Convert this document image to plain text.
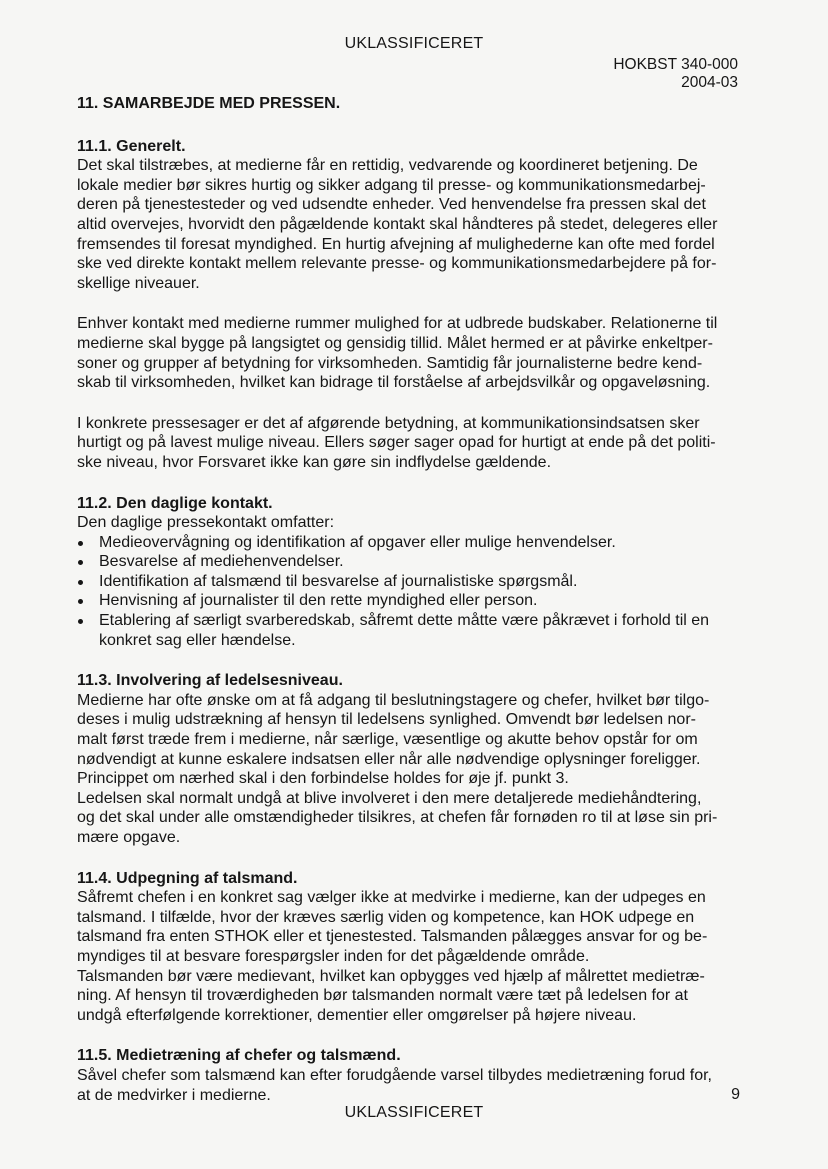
UKLASSIFICERET
HOKBST 340-000
2004-03
11. SAMARBEJDE MED PRESSEN.
11.1. Generelt.

Det skal tilstræbes, at medierne får en rettidig, vedvarende og koordineret betjening. De
lokale medier bør sikres hurtig og sikker adgang til presse- og kommunikationsmedarbej-
deren på tjenestesteder og ved udsendte enheder. Ved henvendelse fra pressen skal det
altid overvejes, hvorvidt den pågældende kontakt skal håndteres på stedet, delegeres eller
fremsendes til foresat myndighed. En hurtig afvejning af mulighederne kan ofte med fordel
ske ved direkte kontakt mellem relevante presse- og kommunikationsmedarbejdere på for-
skellige niveauer.

Enhver kontakt med medierne rummer mulighed for at udbrede budskaber. Relationerne til
medierne skal bygge på langsigtet og gensidig tillid. Målet hermed er at påvirke enkeltper-
soner og grupper af betydning for virksomheden. Samtidig får journalisterne bedre kend-
skab til virksomheden, hvilket kan bidrage til forståelse af arbejdsvilkår og opgaveløsning.

I konkrete pressesager er det af afgørende betydning, at kommunikationsindsatsen sker
hurtigt og på lavest mulige niveau. Ellers søger sager opad for hurtigt at ende på det politi-
ske niveau, hvor Forsvaret ikke kan gøre sin indflydelse gældende.

11.2. Den daglige kontakt.

Den daglige pressekontakt omfatter:

Medieovervågning og identifikation af opgaver eller mulige henvendelser.
Besvarelse af mediehenvendelser.
Identifikation af talsmænd til besvarelse af journalistiske spørgsmål.
Henvisning af journalister til den rette myndighed eller person.
Etablering af særligt svarberedskab, såfremt dette måtte være påkrævet i forhold til en
konkret sag eller hændelse.
11.3. Involvering af ledelsesniveau.

Medierne har ofte ønske om at få adgang til beslutningstagere og chefer, hvilket bør tilgo-
deses i mulig udstrækning af hensyn til ledelsens synlighed. Omvendt bør ledelsen nor-
malt først træde frem i medierne, når særlige, væsentlige og akutte behov opstår for om
nødvendigt at kunne eskalere indsatsen eller når alle nødvendige oplysninger foreligger.
Princippet om nærhed skal i den forbindelse holdes for øje jf. punkt 3.
Ledelsen skal normalt undgå at blive involveret i den mere detaljerede mediehåndtering,
og det skal under alle omstændigheder tilsikres, at chefen får fornøden ro til at løse sin pri-
mære opgave.

11.4. Udpegning af talsmand.

Såfremt chefen i en konkret sag vælger ikke at medvirke i medierne, kan der udpeges en
talsmand. I tilfælde, hvor der kræves særlig viden og kompetence, kan HOK udpege en
talsmand fra enten STHOK eller et tjenestested. Talsmanden pålægges ansvar for og be-
myndiges til at besvare forespørgsler inden for det pågældende område.
Talsmanden bør være medievant, hvilket kan opbygges ved hjælp af målrettet medietræ-
ning. Af hensyn til troværdigheden bør talsmanden normalt være tæt på ledelsen for at
undgå efterfølgende korrektioner, dementier eller omgørelser på højere niveau.

11.5. Medietræning af chefer og talsmænd.

Såvel chefer som talsmænd kan efter forudgående varsel tilbydes medietræning forud for,
at de medvirker i medierne.	9
UKLASSIFICERET
